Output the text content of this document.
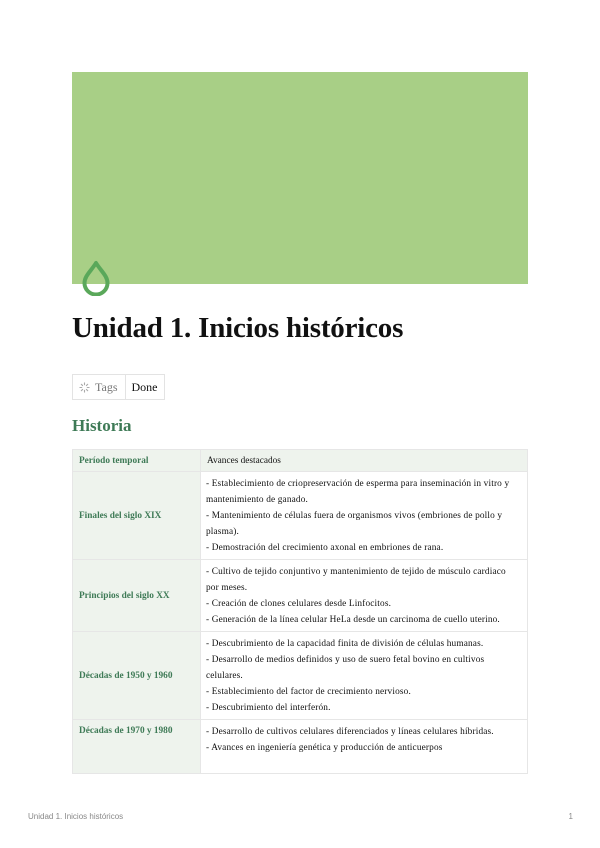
Unidad 1. Inicios históricos
Tags	Done
Historia
Período temporal	Avances destacados
Finales del siglo XIX	- Establecimiento de criopreservación de esperma para inseminación in vitro y mantenimiento de ganado.
- Mantenimiento de células fuera de organismos vivos (embriones de pollo y plasma).
- Demostración del crecimiento axonal en embriones de rana.

Principios del siglo XX	- Cultivo de tejido conjuntivo y mantenimiento de tejido de músculo cardiaco por meses.
- Creación de clones celulares desde Linfocitos.
- Generación de la línea celular HeLa desde un carcinoma de cuello uterino.

Décadas de 1950 y 1960	- Descubrimiento de la capacidad finita de división de células humanas.
- Desarrollo de medios definidos y uso de suero fetal bovino en cultivos celulares.
- Establecimiento del factor de crecimiento nervioso.
- Descubrimiento del interferón.

Décadas de 1970 y 1980	- Desarrollo de cultivos celulares diferenciados y líneas celulares híbridas.
- Avances en ingeniería genética y producción de anticuerpos
Unidad 1. Inicios históricos	1
